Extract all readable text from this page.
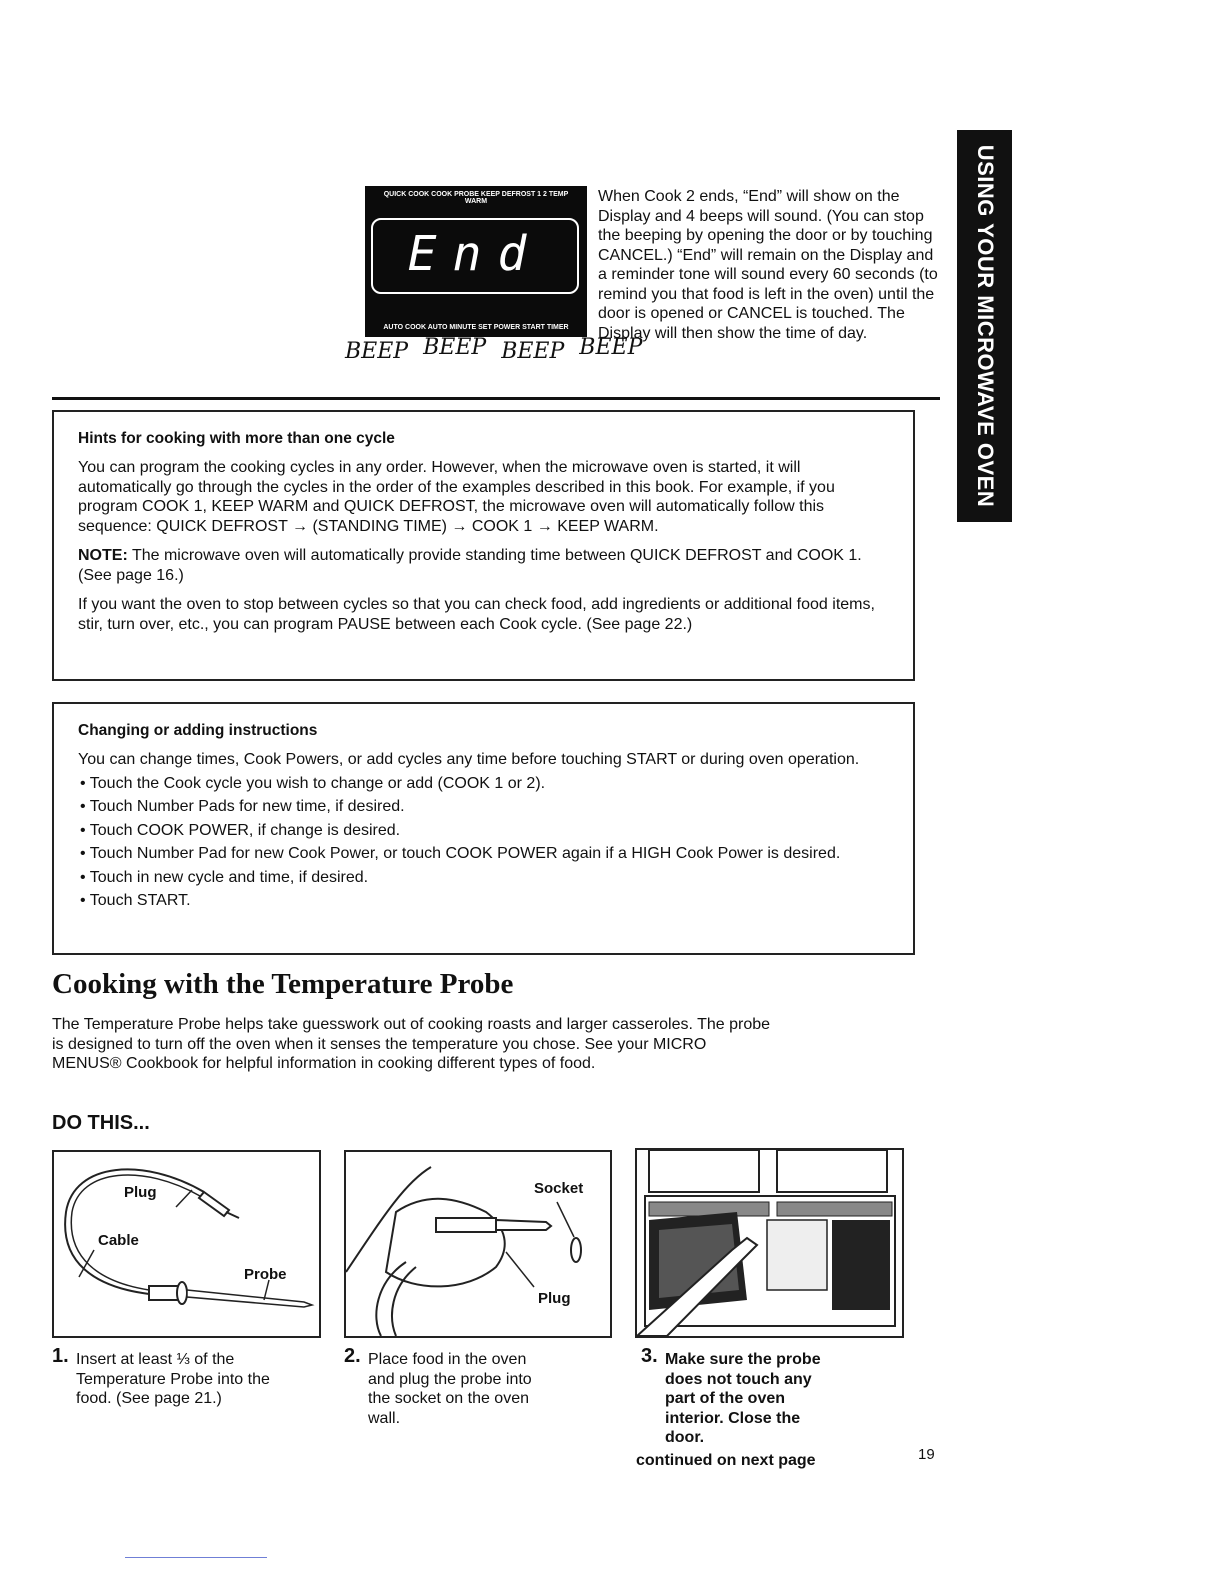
QUICK COOK COOK PROBE KEEP DEFROST 1 2 TEMP WARM
End
AUTO COOK AUTO MINUTE SET POWER START TIMER
BEEP BEEP BEEP BEEP

When Cook 2 ends, “End” will show on the Display and 4 beeps will sound. (You can stop the beeping by opening the door or by touching CANCEL.) “End” will remain on the Display and a reminder tone will sound every 60 seconds (to remind you that food is left in the oven) until the door is opened or CANCEL is touched. The Display will then show the time of day.	USING YOUR MICROWAVE OVEN
Hints for cooking with more than one cycle

You can program the cooking cycles in any order. However, when the microwave oven is started, it will automatically go through the cycles in the order of the examples described in this book. For example, if you program COOK 1, KEEP WARM and QUICK DEFROST, the microwave oven will automatically follow this sequence: QUICK DEFROST → (STANDING TIME) → COOK 1 → KEEP WARM.

NOTE: The microwave oven will automatically provide standing time between QUICK DEFROST and COOK 1. (See page 16.)

If you want the oven to stop between cycles so that you can check food, add ingredients or additional food items, stir, turn over, etc., you can program PAUSE between each Cook cycle. (See page 22.)

Changing or adding instructions

You can change times, Cook Powers, or add cycles any time before touching START or during oven operation.

• Touch the Cook cycle you wish to change or add (COOK 1 or 2).
• Touch Number Pads for new time, if desired.
• Touch COOK POWER, if change is desired.
• Touch Number Pad for new Cook Power, or touch COOK POWER again if a HIGH Cook Power is desired.
• Touch in new cycle and time, if desired.
• Touch START.
Cooking with the Temperature Probe

The Temperature Probe helps take guesswork out of cooking roasts and larger casseroles. The probe is designed to turn off the oven when it senses the temperature you chose. See your MICRO MENUS® Cookbook for helpful information in cooking different types of food.

DO THIS...
Plug
Cable
Probe
Socket
Plug
1. Insert at least ⅓ of the Temperature Probe into the food. (See page 21.)
2. Place food in the oven and plug the probe into the socket on the oven wall.
3. Make sure the probe does not touch any part of the oven interior. Close the door.
continued on next page	19
